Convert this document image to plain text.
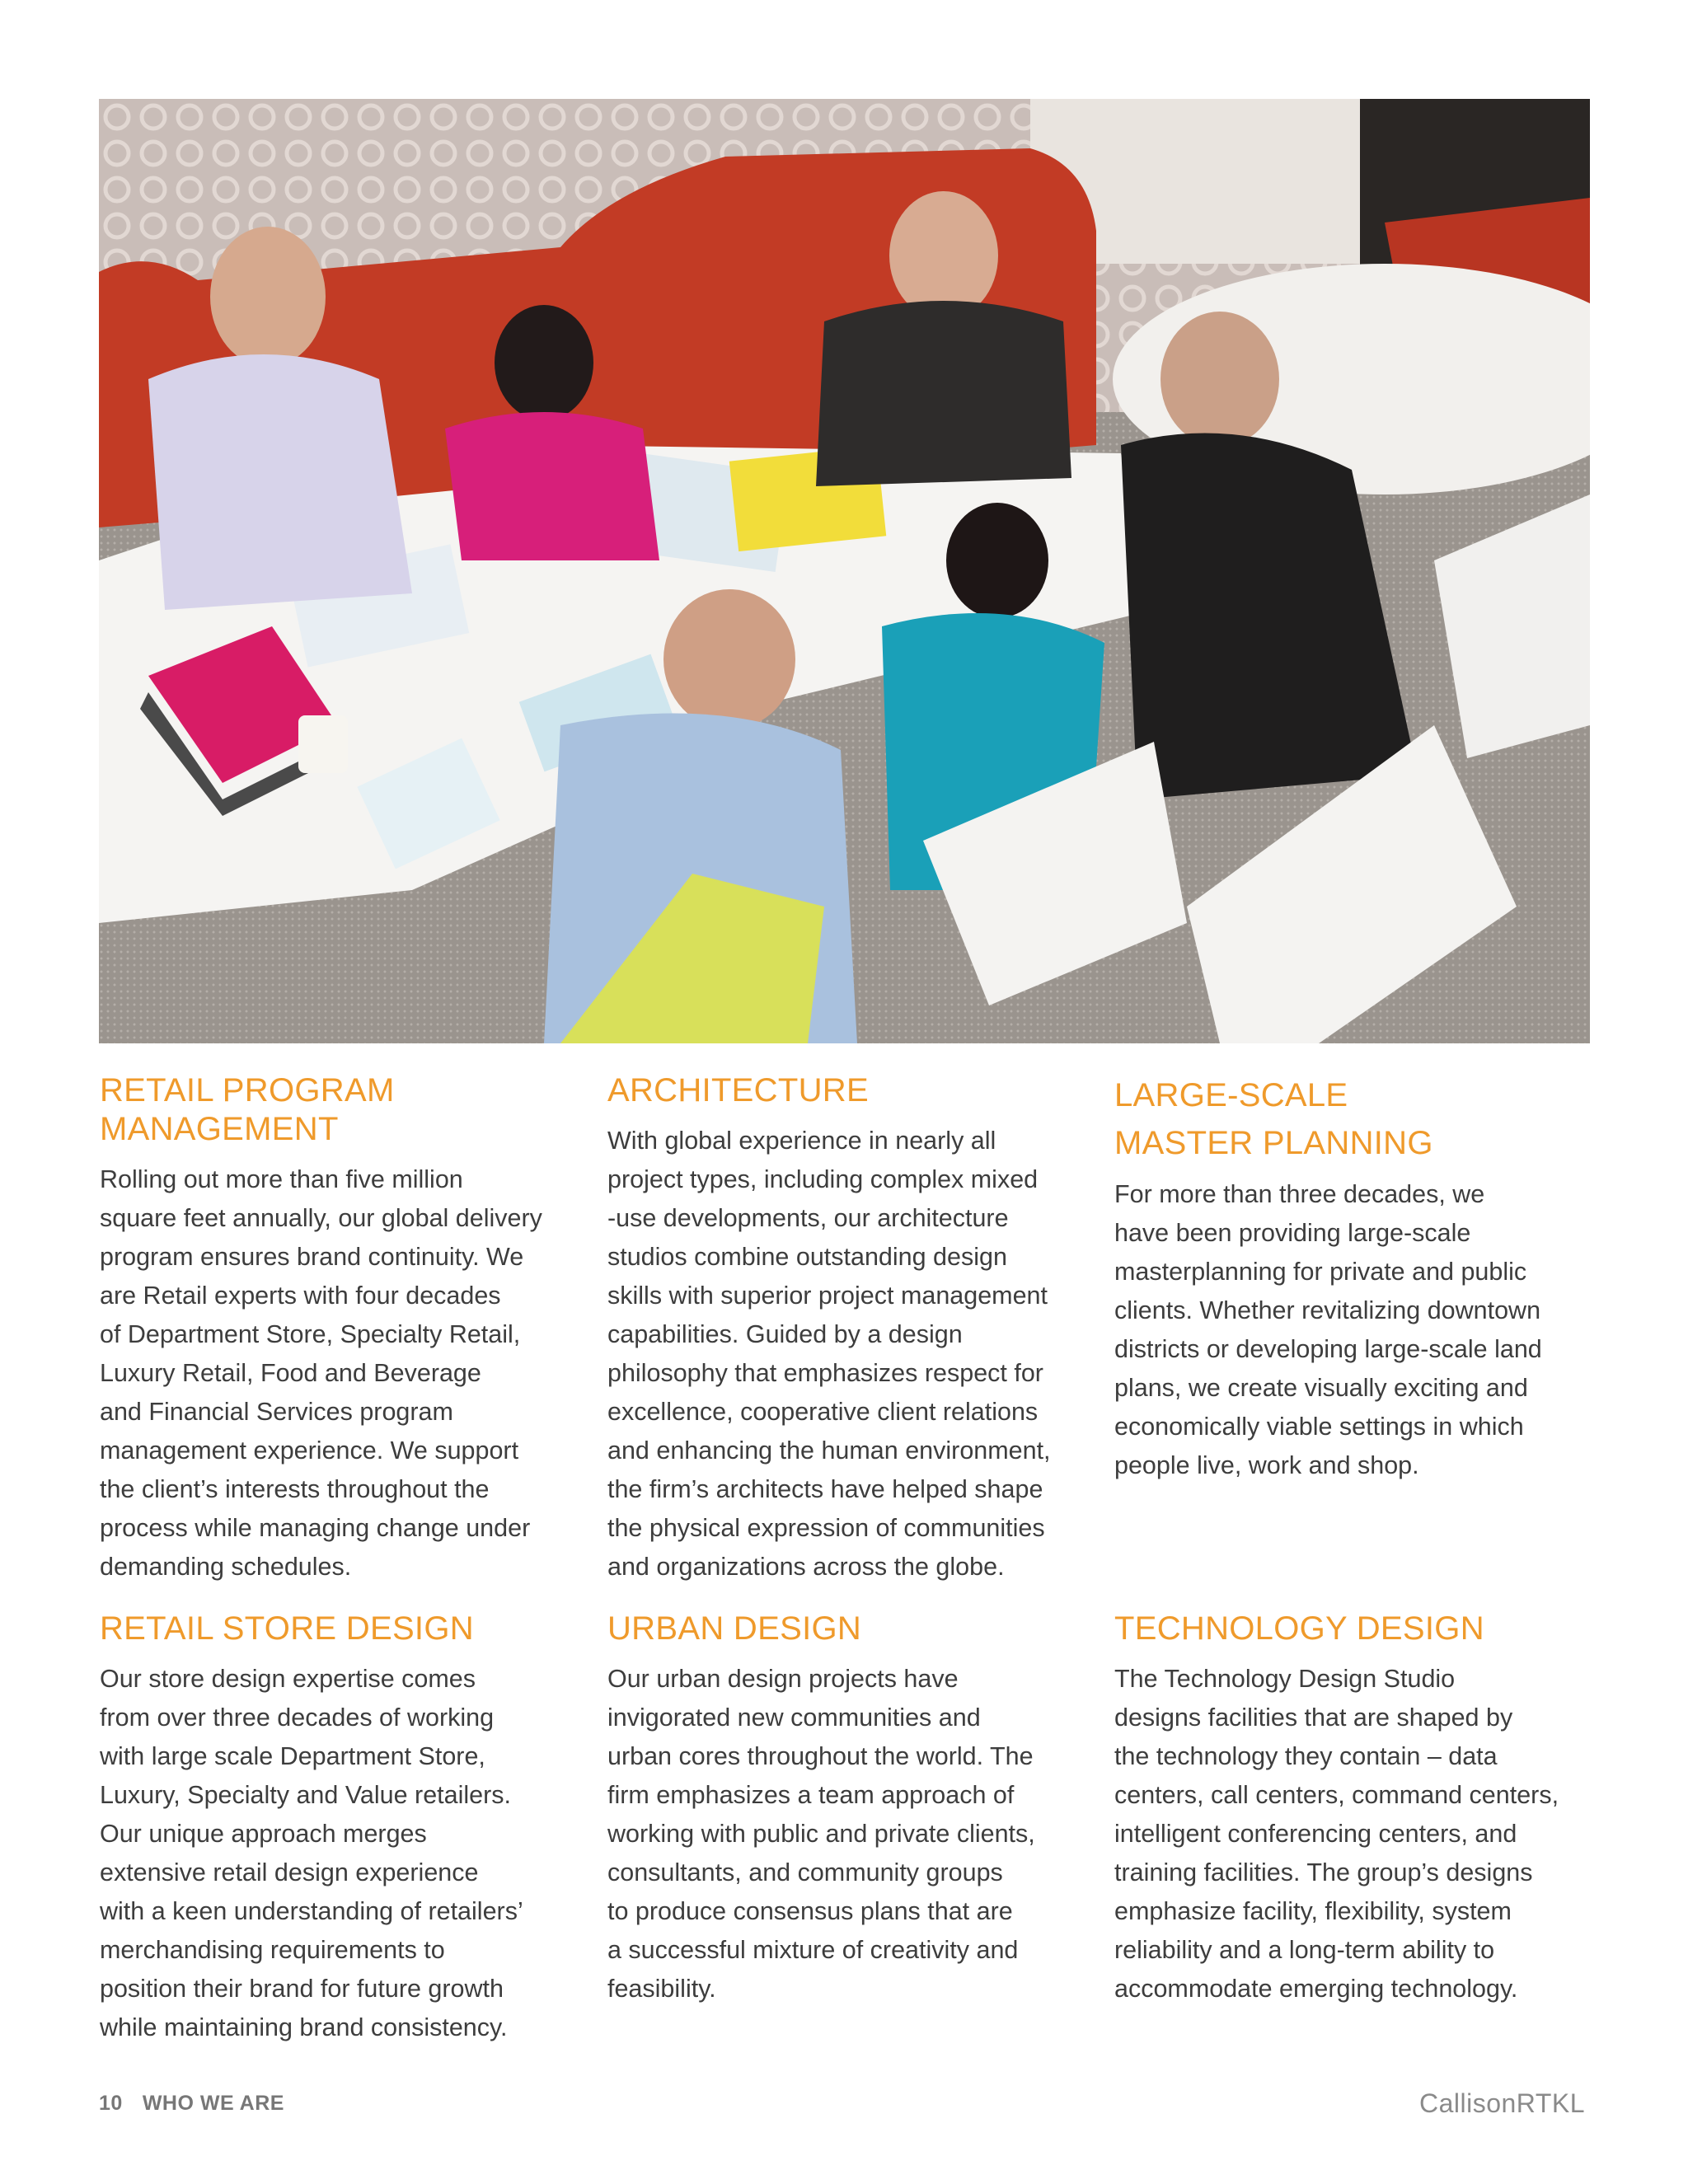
RETAIL PROGRAM
MANAGEMENT

Rolling out more than five million
square feet annually, our global delivery
program ensures brand continuity. We
are Retail experts with four decades
of Department Store, Specialty Retail,
Luxury Retail, Food and Beverage
and Financial Services program
management experience. We support
the client’s interests throughout the
process while managing change under
demanding schedules.

ARCHITECTURE

With global experience in nearly all
project types, including complex mixed
-use developments, our architecture
studios combine outstanding design
skills with superior project management
capabilities. Guided by a design
philosophy that emphasizes respect for
excellence, cooperative client relations
and enhancing the human environment,
the firm’s architects have helped shape
the physical expression of communities
and organizations across the globe.

LARGE-SCALE
MASTER PLANNING

For more than three decades, we
have been providing large-scale
masterplanning for private and public
clients. Whether revitalizing downtown
districts or developing large-scale land
plans, we create visually exciting and
economically viable settings in which
people live, work and shop.

RETAIL STORE DESIGN

Our store design expertise comes
from over three decades of working
with large scale Department Store,
Luxury, Specialty and Value retailers.
Our unique approach merges
extensive retail design experience
with a keen understanding of retailers’
merchandising requirements to
position their brand for future growth
while maintaining brand consistency.

URBAN DESIGN

Our urban design projects have
invigorated new communities and
urban cores throughout the world. The
firm emphasizes a team approach of
working with public and private clients,
consultants, and community groups
to produce consensus plans that are
a successful mixture of creativity and
feasibility.

TECHNOLOGY DESIGN

The Technology Design Studio
designs facilities that are shaped by
the technology they contain – data
centers, call centers, command centers,
intelligent conferencing centers, and
training facilities. The group’s designs
emphasize facility, flexibility, system
reliability and a long-term ability to
accommodate emerging technology.

10 WHO WE ARE	CallisonRTKL
